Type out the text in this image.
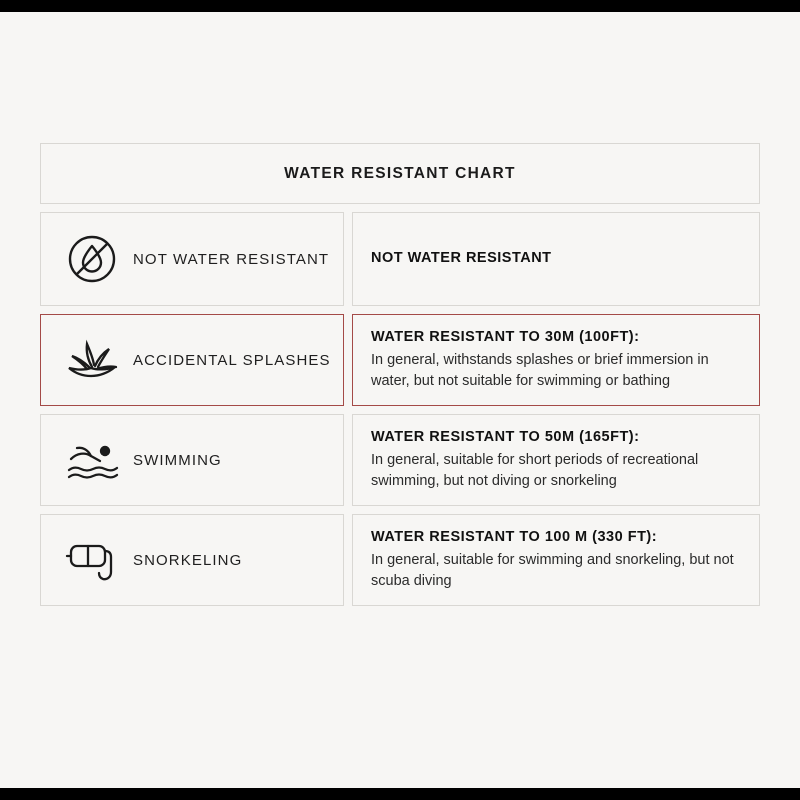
WATER RESISTANT CHART
NOT WATER RESISTANT	NOT WATER RESISTANT
ACCIDENTAL SPLASHES
WATER RESISTANT TO 30M (100FT):
In general, withstands splashes or brief immersion in water, but not suitable for swimming or bathing
SWIMMING
WATER RESISTANT TO 50M (165FT):
In general, suitable for short periods of recreational swimming, but not diving or snorkeling
SNORKELING
WATER RESISTANT TO 100 M (330 FT):
In general, suitable for swimming and snorkeling, but not scuba diving
